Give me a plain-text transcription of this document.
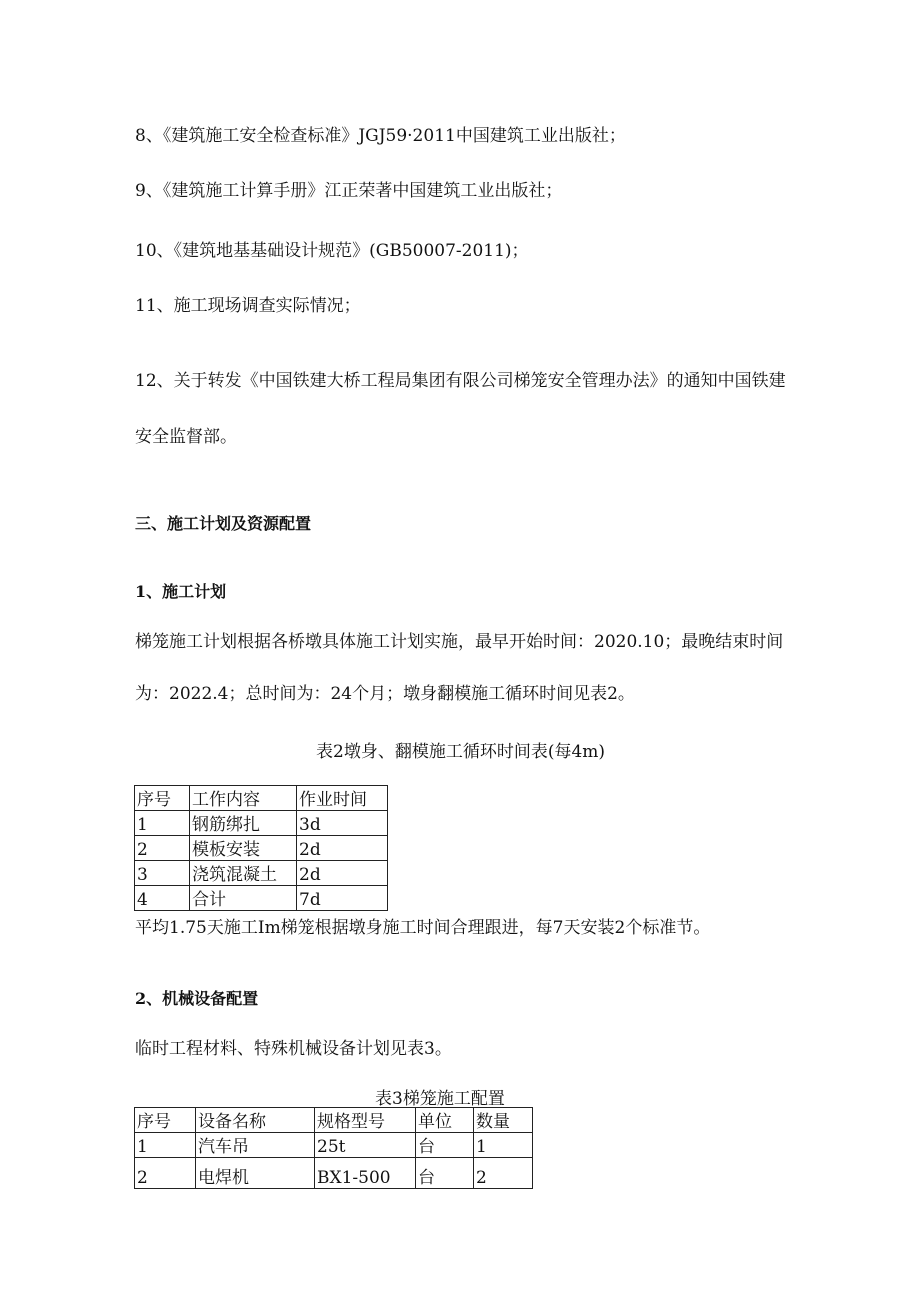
8、《建筑施工安全检查标准》JGJ59·2011中国建筑工业出版社；
9、《建筑施工计算手册》江正荣著中国建筑工业出版社；
10、《建筑地基基础设计规范》(GB50007-2011)；
11、施工现场调查实际情况；
12、关于转发《中国铁建大桥工程局集团有限公司梯笼安全管理办法》的通知中国铁建
安全监督部。
三、施工计划及资源配置
1、施工计划
梯笼施工计划根据各桥墩具体施工计划实施，最早开始时间：2020.10；最晚结束时间
为：2022.4；总时间为：24个月；墩身翻模施工循环时间见表2。
表2墩身、翻模施工循环时间表(每4m)
序号	工作内容	作业时间
1	钢筋绑扎	3d
2	模板安装	2d
3	浇筑混凝土	2d
4	合计	7d
平均1.75天施工Im梯笼根据墩身施工时间合理跟进，每7天安装2个标准节。
2、机械设备配置
临时工程材料、特殊机械设备计划见表3。
表3梯笼施工配置
序号	设备名称	规格型号	单位	数量
1	汽车吊	25t	台	1
2	电焊机	BX1-500	台	2
